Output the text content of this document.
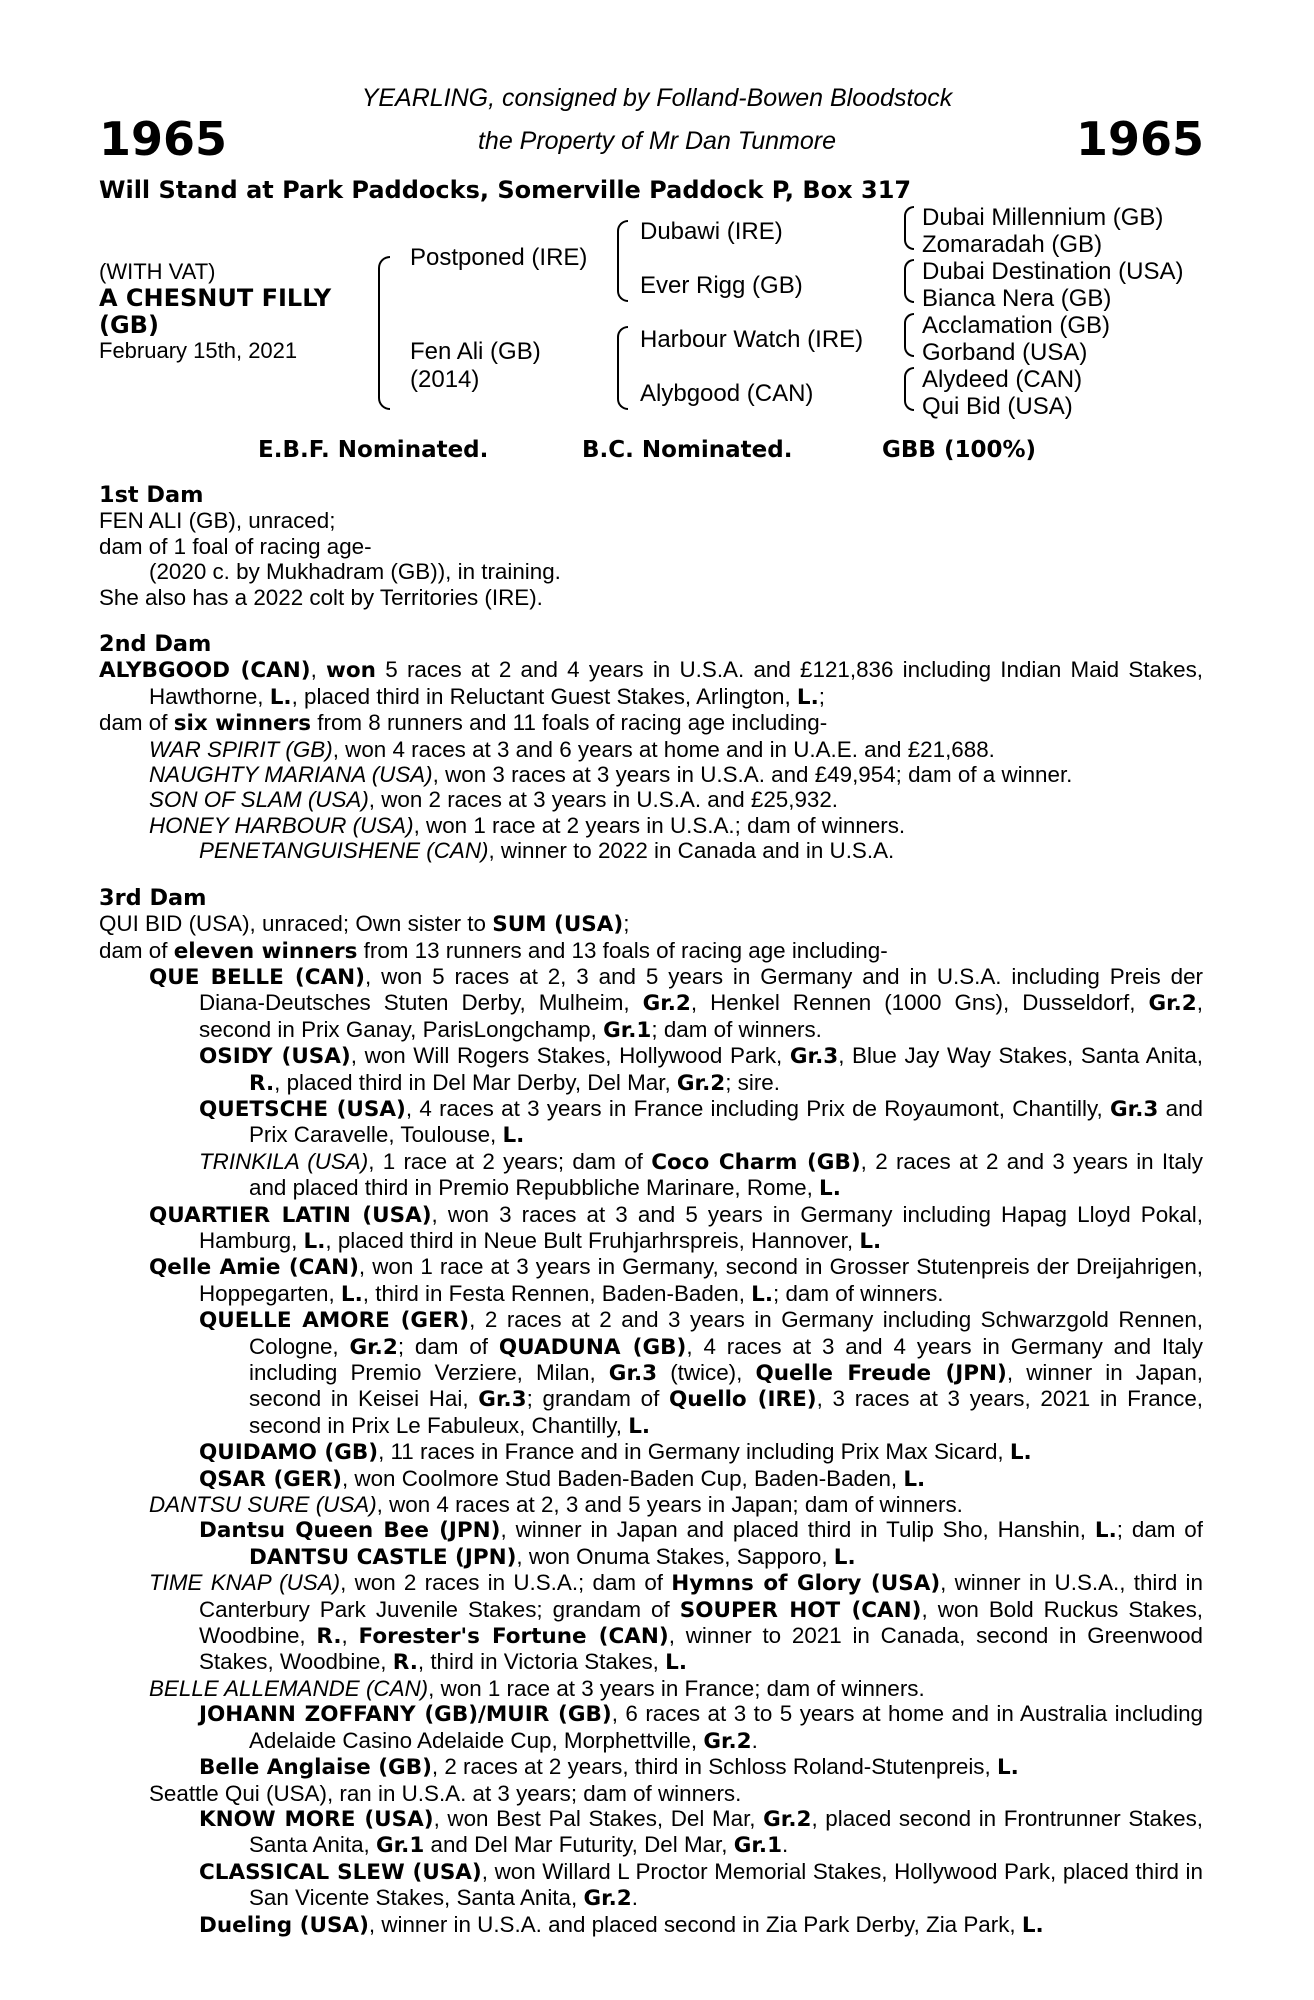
1965	1965
YEARLING, consigned by Folland-Bowen Bloodstock
the Property of Mr Dan Tunmore
Will Stand at Park Paddocks, Somerville Paddock P, Box 317
(WITH VAT)
A CHESNUT FILLY
(GB)
February 15th, 2021
Postponed (IRE)
Fen Ali (GB)
(2014)
Dubawi (IRE)
Ever Rigg (GB)
Harbour Watch (IRE)
Alybgood (CAN)
Dubai Millennium (GB)
Zomaradah (GB)
Dubai Destination (USA)
Bianca Nera (GB)
Acclamation (GB)
Gorband (USA)
Alydeed (CAN)
Qui Bid (USA)
E.B.F. Nominated.	B.C. Nominated.	GBB (100%)

1st Dam

FEN ALI (GB), unraced;

dam of 1 foal of racing age-

(2020 c. by Mukhadram (GB)), in training.

She also has a 2022 colt by Territories (IRE).

2nd Dam

ALYBGOOD (CAN), won 5 races at 2 and 4 years in U.S.A. and £121,836 including Indian Maid Stakes, Hawthorne, L., placed third in Reluctant Guest Stakes, Arlington, L.;

dam of six winners from 8 runners and 11 foals of racing age including-

WAR SPIRIT (GB), won 4 races at 3 and 6 years at home and in U.A.E. and £21,688.

NAUGHTY MARIANA (USA), won 3 races at 3 years in U.S.A. and £49,954; dam of a winner.

SON OF SLAM (USA), won 2 races at 3 years in U.S.A. and £25,932.

HONEY HARBOUR (USA), won 1 race at 2 years in U.S.A.; dam of winners.

PENETANGUISHENE (CAN), winner to 2022 in Canada and in U.S.A.

3rd Dam

QUI BID (USA), unraced; Own sister to SUM (USA);

dam of eleven winners from 13 runners and 13 foals of racing age including-

QUE BELLE (CAN), won 5 races at 2, 3 and 5 years in Germany and in U.S.A. including Preis der Diana-Deutsches Stuten Derby, Mulheim, Gr.2, Henkel Rennen (1000 Gns), Dusseldorf, Gr.2, second in Prix Ganay, ParisLongchamp, Gr.1; dam of winners.

OSIDY (USA), won Will Rogers Stakes, Hollywood Park, Gr.3, Blue Jay Way Stakes, Santa Anita, R., placed third in Del Mar Derby, Del Mar, Gr.2; sire.

QUETSCHE (USA), 4 races at 3 years in France including Prix de Royaumont, Chantilly, Gr.3 and Prix Caravelle, Toulouse, L.

TRINKILA (USA), 1 race at 2 years; dam of Coco Charm (GB), 2 races at 2 and 3 years in Italy and placed third in Premio Repubbliche Marinare, Rome, L.

QUARTIER LATIN (USA), won 3 races at 3 and 5 years in Germany including Hapag Lloyd Pokal, Hamburg, L., placed third in Neue Bult Fruhjarhrspreis, Hannover, L.

Qelle Amie (CAN), won 1 race at 3 years in Germany, second in Grosser Stutenpreis der Dreijahrigen, Hoppegarten, L., third in Festa Rennen, Baden-Baden, L.; dam of winners.

QUELLE AMORE (GER), 2 races at 2 and 3 years in Germany including Schwarzgold Rennen, Cologne, Gr.2; dam of QUADUNA (GB), 4 races at 3 and 4 years in Germany and Italy including Premio Verziere, Milan, Gr.3 (twice), Quelle Freude (JPN), winner in Japan, second in Keisei Hai, Gr.3; grandam of Quello (IRE), 3 races at 3 years, 2021 in France, second in Prix Le Fabuleux, Chantilly, L.

QUIDAMO (GB), 11 races in France and in Germany including Prix Max Sicard, L.

QSAR (GER), won Coolmore Stud Baden-Baden Cup, Baden-Baden, L.

DANTSU SURE (USA), won 4 races at 2, 3 and 5 years in Japan; dam of winners.

Dantsu Queen Bee (JPN), winner in Japan and placed third in Tulip Sho, Hanshin, L.; dam of DANTSU CASTLE (JPN), won Onuma Stakes, Sapporo, L.

TIME KNAP (USA), won 2 races in U.S.A.; dam of Hymns of Glory (USA), winner in U.S.A., third in Canterbury Park Juvenile Stakes; grandam of SOUPER HOT (CAN), won Bold Ruckus Stakes, Woodbine, R., Forester's Fortune (CAN), winner to 2021 in Canada, second in Greenwood Stakes, Woodbine, R., third in Victoria Stakes, L.

BELLE ALLEMANDE (CAN), won 1 race at 3 years in France; dam of winners.

JOHANN ZOFFANY (GB)/MUIR (GB), 6 races at 3 to 5 years at home and in Australia including Adelaide Casino Adelaide Cup, Morphettville, Gr.2.

Belle Anglaise (GB), 2 races at 2 years, third in Schloss Roland-Stutenpreis, L.

Seattle Qui (USA), ran in U.S.A. at 3 years; dam of winners.

KNOW MORE (USA), won Best Pal Stakes, Del Mar, Gr.2, placed second in Frontrunner Stakes, Santa Anita, Gr.1 and Del Mar Futurity, Del Mar, Gr.1.

CLASSICAL SLEW (USA), won Willard L Proctor Memorial Stakes, Hollywood Park, placed third in San Vicente Stakes, Santa Anita, Gr.2.

Dueling (USA), winner in U.S.A. and placed second in Zia Park Derby, Zia Park, L.
